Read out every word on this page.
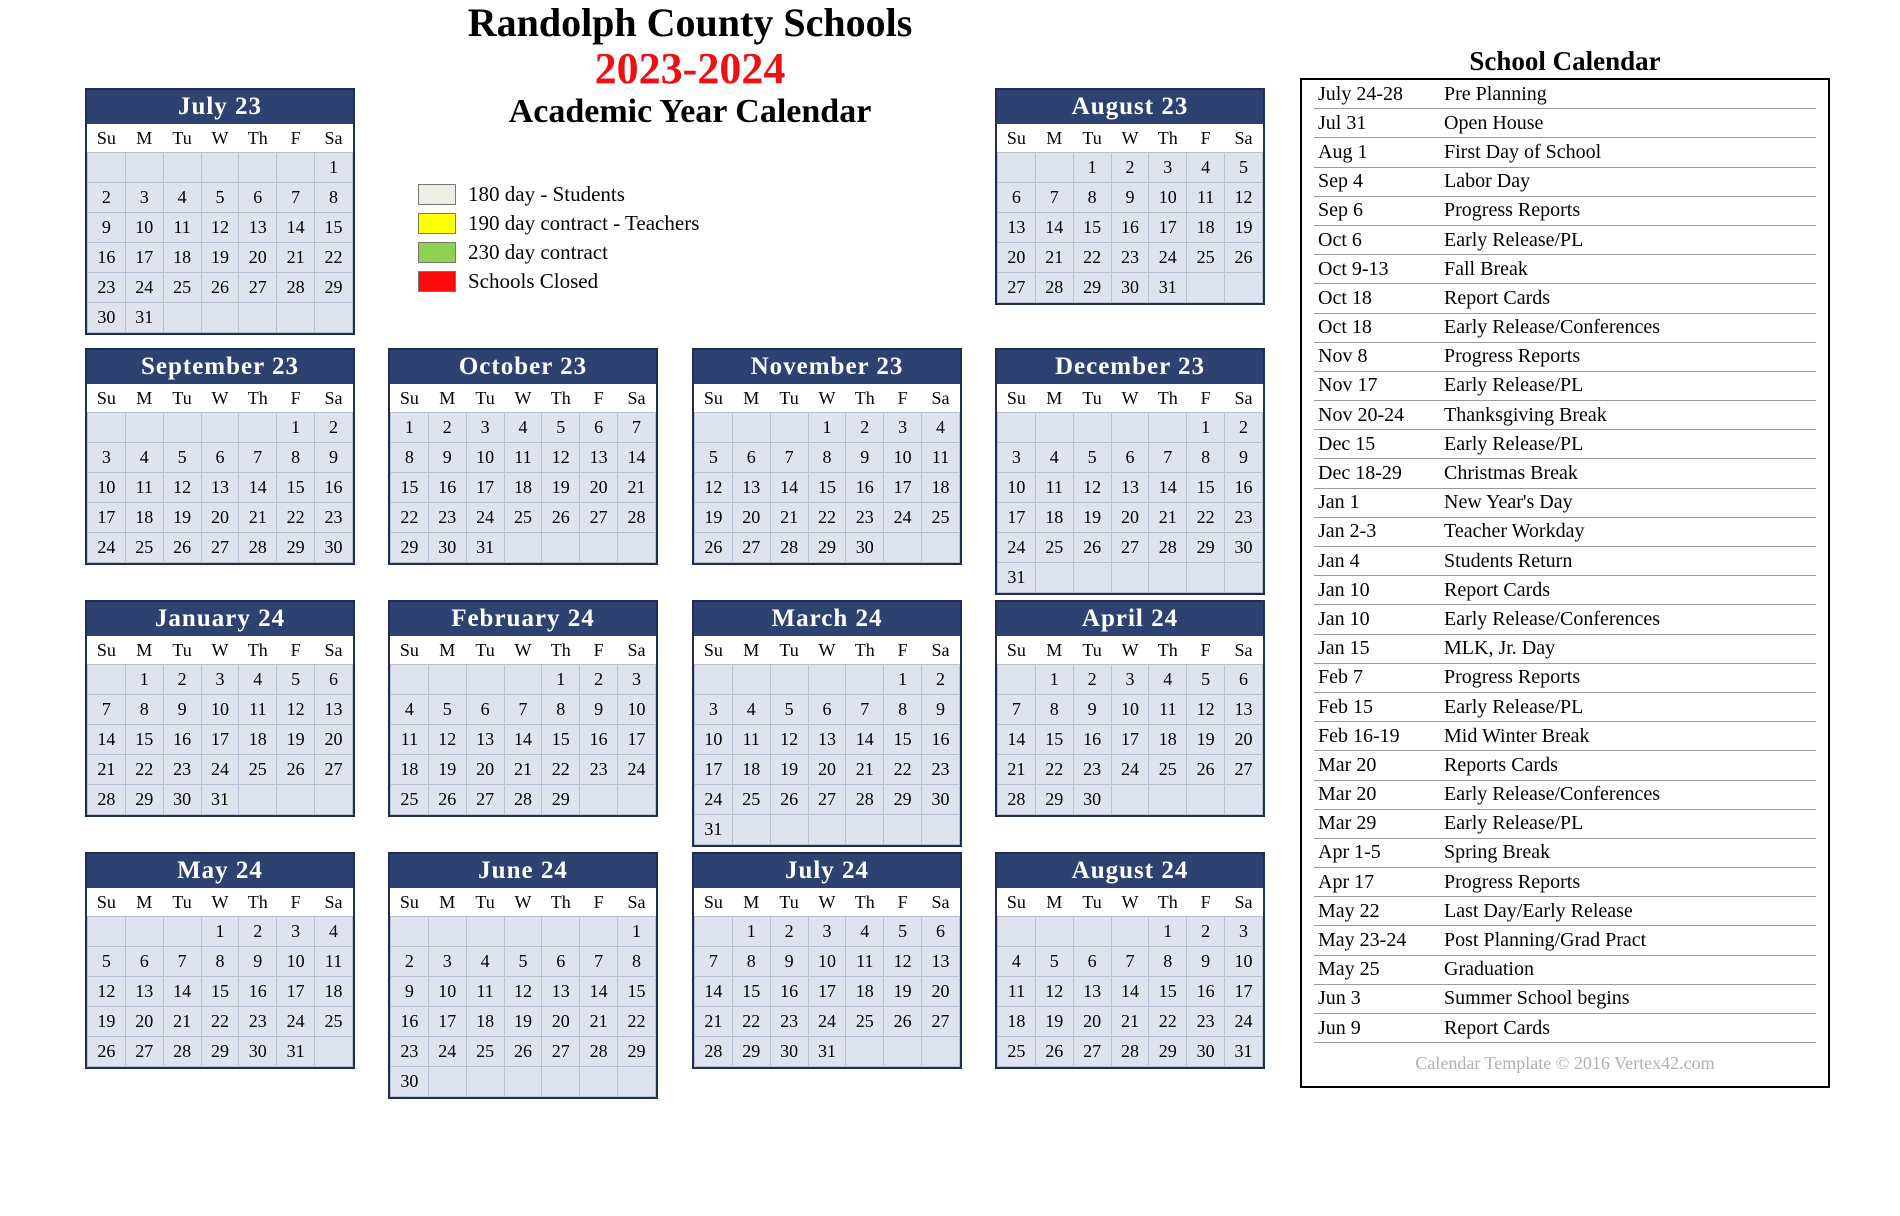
Randolph County Schools
2023-2024
Academic Year Calendar
180 day - Students
190 day contract - Teachers
230 day contract
Schools Closed
July 23
Su	M	Tu	W	Th	F	Sa
						1
2	3	4	5	6	7	8
9	10	11	12	13	14	15
16	17	18	19	20	21	22
23	24	25	26	27	28	29
30	31					
August 23
Su	M	Tu	W	Th	F	Sa
		1	2	3	4	5
6	7	8	9	10	11	12
13	14	15	16	17	18	19
20	21	22	23	24	25	26
27	28	29	30	31		
September 23
Su	M	Tu	W	Th	F	Sa
					1	2
3	4	5	6	7	8	9
10	11	12	13	14	15	16
17	18	19	20	21	22	23
24	25	26	27	28	29	30
October 23
Su	M	Tu	W	Th	F	Sa
1	2	3	4	5	6	7
8	9	10	11	12	13	14
15	16	17	18	19	20	21
22	23	24	25	26	27	28
29	30	31				
November 23
Su	M	Tu	W	Th	F	Sa
			1	2	3	4
5	6	7	8	9	10	11
12	13	14	15	16	17	18
19	20	21	22	23	24	25
26	27	28	29	30		
December 23
Su	M	Tu	W	Th	F	Sa
					1	2
3	4	5	6	7	8	9
10	11	12	13	14	15	16
17	18	19	20	21	22	23
24	25	26	27	28	29	30
31						
January 24
Su	M	Tu	W	Th	F	Sa
	1	2	3	4	5	6
7	8	9	10	11	12	13
14	15	16	17	18	19	20
21	22	23	24	25	26	27
28	29	30	31			
February 24
Su	M	Tu	W	Th	F	Sa
				1	2	3
4	5	6	7	8	9	10
11	12	13	14	15	16	17
18	19	20	21	22	23	24
25	26	27	28	29		
March 24
Su	M	Tu	W	Th	F	Sa
					1	2
3	4	5	6	7	8	9
10	11	12	13	14	15	16
17	18	19	20	21	22	23
24	25	26	27	28	29	30
31						
April 24
Su	M	Tu	W	Th	F	Sa
	1	2	3	4	5	6
7	8	9	10	11	12	13
14	15	16	17	18	19	20
21	22	23	24	25	26	27
28	29	30				
May 24
Su	M	Tu	W	Th	F	Sa
			1	2	3	4
5	6	7	8	9	10	11
12	13	14	15	16	17	18
19	20	21	22	23	24	25
26	27	28	29	30	31	
June 24
Su	M	Tu	W	Th	F	Sa
						1
2	3	4	5	6	7	8
9	10	11	12	13	14	15
16	17	18	19	20	21	22
23	24	25	26	27	28	29
30						
July 24
Su	M	Tu	W	Th	F	Sa
	1	2	3	4	5	6
7	8	9	10	11	12	13
14	15	16	17	18	19	20
21	22	23	24	25	26	27
28	29	30	31			
August 24
Su	M	Tu	W	Th	F	Sa
				1	2	3
4	5	6	7	8	9	10
11	12	13	14	15	16	17
18	19	20	21	22	23	24
25	26	27	28	29	30	31
School Calendar
July 24-28	Pre Planning
Jul 31	Open House
Aug 1	First Day of School
Sep 4	Labor Day
Sep 6	Progress Reports
Oct 6	Early Release/PL
Oct 9-13	Fall Break
Oct 18	Report Cards
Oct 18	Early Release/Conferences
Nov 8	Progress Reports
Nov 17	Early Release/PL
Nov 20-24	Thanksgiving Break
Dec 15	Early Release/PL
Dec 18-29	Christmas Break
Jan 1	New Year's Day
Jan 2-3	Teacher Workday
Jan 4	Students Return
Jan 10	Report Cards
Jan 10	Early Release/Conferences
Jan 15	MLK, Jr. Day
Feb 7	Progress Reports
Feb 15	Early Release/PL
Feb 16-19	Mid Winter Break
Mar 20	Reports Cards
Mar 20	Early Release/Conferences
Mar 29	Early Release/PL
Apr 1-5	Spring Break
Apr 17	Progress Reports
May 22	Last Day/Early Release
May 23-24	Post Planning/Grad Pract
May 25	Graduation
Jun 3	Summer School begins
Jun 9	Report Cards
Calendar Template © 2016 Vertex42.com
